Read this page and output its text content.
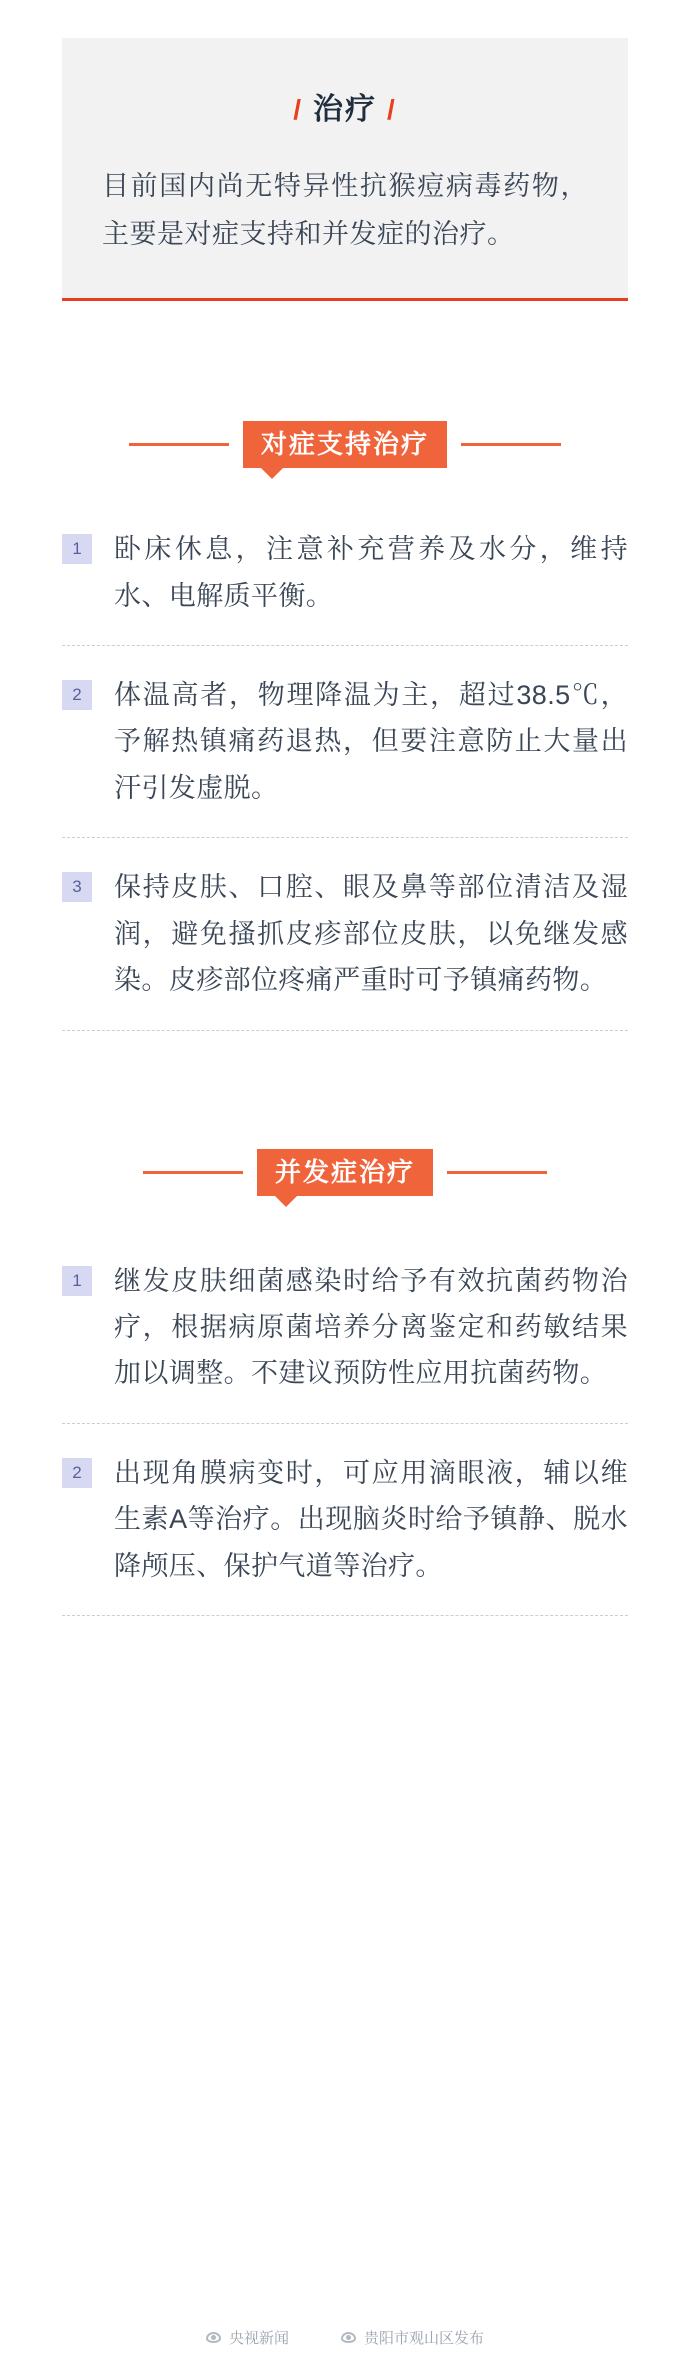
/ 治疗 /
目前国内尚无特异性抗猴痘病毒药物，主要是对症支持和并发症的治疗。
对症支持治疗
1	卧床休息，注意补充营养及水分，维持水、电解质平衡。
2	体温高者，物理降温为主，超过38.5℃，予解热镇痛药退热，但要注意防止大量出汗引发虚脱。
3	保持皮肤、口腔、眼及鼻等部位清洁及湿润，避免搔抓皮疹部位皮肤，以免继发感染。皮疹部位疼痛严重时可予镇痛药物。
并发症治疗
1	继发皮肤细菌感染时给予有效抗菌药物治疗，根据病原菌培养分离鉴定和药敏结果加以调整。不建议预防性应用抗菌药物。
2	出现角膜病变时，可应用滴眼液，辅以维生素A等治疗。出现脑炎时给予镇静、脱水降颅压、保护气道等治疗。
央视新闻	贵阳市观山区发布
